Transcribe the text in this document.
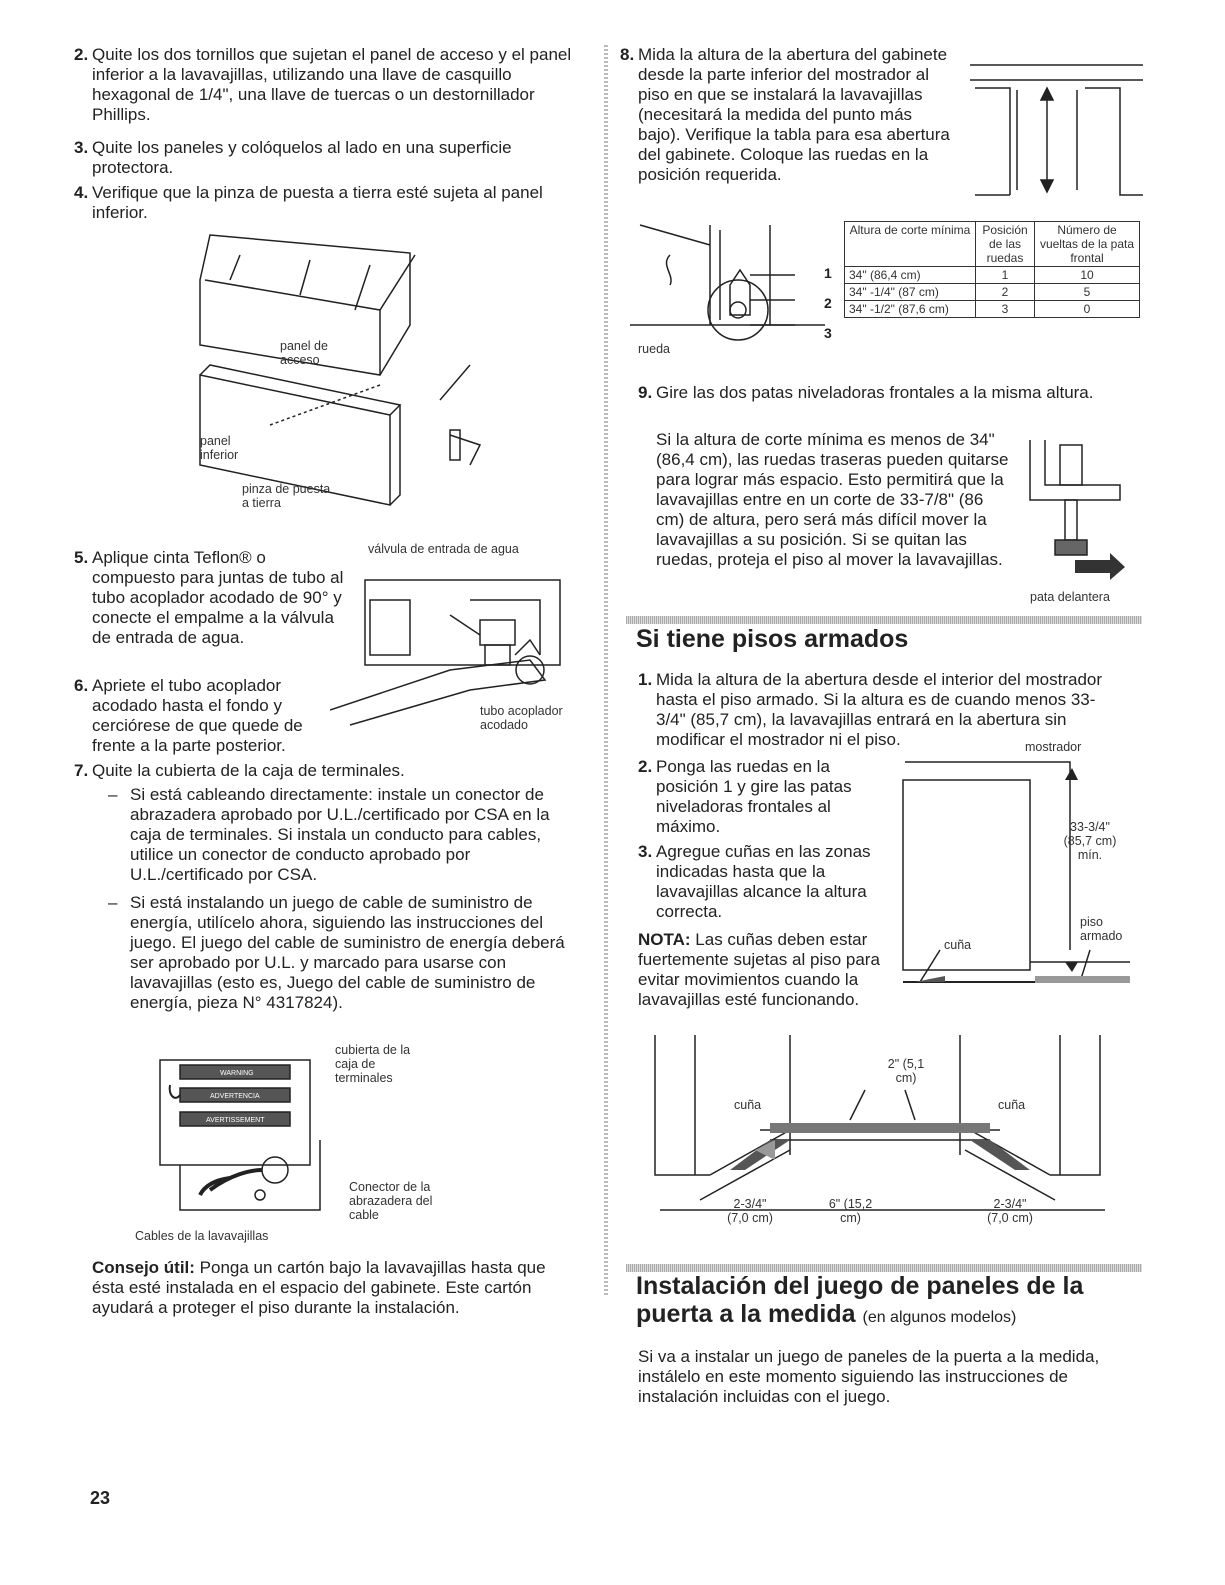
2. Quite los dos tornillos que sujetan el panel de acceso y el panel inferior a la lavavajillas, utilizando una llave de casquillo hexagonal de 1/4", una llave de tuercas o un destornillador Phillips.
3. Quite los paneles y colóquelos al lado en una superficie protectora.
4. Verifique que la pinza de puesta a tierra esté sujeta al panel inferior.
panel de acceso
panel inferior
pinza de puesta a tierra
5. Aplique cinta Teflon® o compuesto para juntas de tubo al tubo acoplador acodado de 90° y conecte el empalme a la válvula de entrada de agua.
6. Apriete el tubo acoplador acodado hasta el fondo y cerciórese de que quede de frente a la parte posterior.
válvula de entrada de agua
tubo acoplador acodado
7. Quite la cubierta de la caja de terminales.
– Si está cableando directamente: instale un conector de abrazadera aprobado por U.L./certificado por CSA en la caja de terminales. Si instala un conducto para cables, utilice un conector de conducto aprobado por U.L./certificado por CSA.
– Si está instalando un juego de cable de suministro de energía, utilícelo ahora, siguiendo las instrucciones del juego. El juego del cable de suministro de energía deberá ser aprobado por U.L. y marcado para usarse con lavavajillas (esto es, Juego del cable de suministro de energía, pieza N° 4317824).
WARNING
ADVERTENCIA
AVERTISSEMENT
cubierta de la caja de terminales
Conector de la abrazadera del cable
Cables de la lavavajillas
Consejo útil: Ponga un cartón bajo la lavavajillas hasta que ésta esté instalada en el espacio del gabinete. Este cartón ayudará a proteger el piso durante la instalación.
8. Mida la altura de la abertura del gabinete desde la parte inferior del mostrador al piso en que se instalará la lavavajillas (necesitará la medida del punto más bajo). Verifique la tabla para esa abertura del gabinete. Coloque las ruedas en la posición requerida.
1
2
3
rueda
Altura de corte mínima	Posición de las ruedas	Número de vueltas de la pata frontal
34" (86,4 cm)	1	10
34" -1/4" (87 cm)	2	5
34" -1/2" (87,6 cm)	3	0
9. Gire las dos patas niveladoras frontales a la misma altura.
Si la altura de corte mínima es menos de 34" (86,4 cm), las ruedas traseras pueden quitarse para lograr más espacio. Esto permitirá que la lavavajillas entre en un corte de 33-7/8" (86 cm) de altura, pero será más difícil mover la lavavajillas a su posición. Si se quitan las ruedas, proteja el piso al mover la lavavajillas.
pata delantera
Si tiene pisos armados
1. Mida la altura de la abertura desde el interior del mostrador hasta el piso armado. Si la altura es de cuando menos 33-3/4" (85,7 cm), la lavavajillas entrará en la abertura sin modificar el mostrador ni el piso.
2. Ponga las ruedas en la posición 1 y gire las patas niveladoras frontales al máximo.
3. Agregue cuñas en las zonas indicadas hasta que la lavavajillas alcance la altura correcta.
NOTA: Las cuñas deben estar fuertemente sujetas al piso para evitar movimientos cuando la lavavajillas esté funcionando.
mostrador
33-3/4" (85,7 cm) mín.
piso armado
cuña
cuña	cuña
2" (5,1 cm)
2-3/4" (7,0 cm)
6" (15,2 cm)
2-3/4" (7,0 cm)
Instalación del juego de paneles de la puerta a la medida (en algunos modelos)
Si va a instalar un juego de paneles de la puerta a la medida, instálelo en este momento siguiendo las instrucciones de instalación incluidas con el juego.
23
